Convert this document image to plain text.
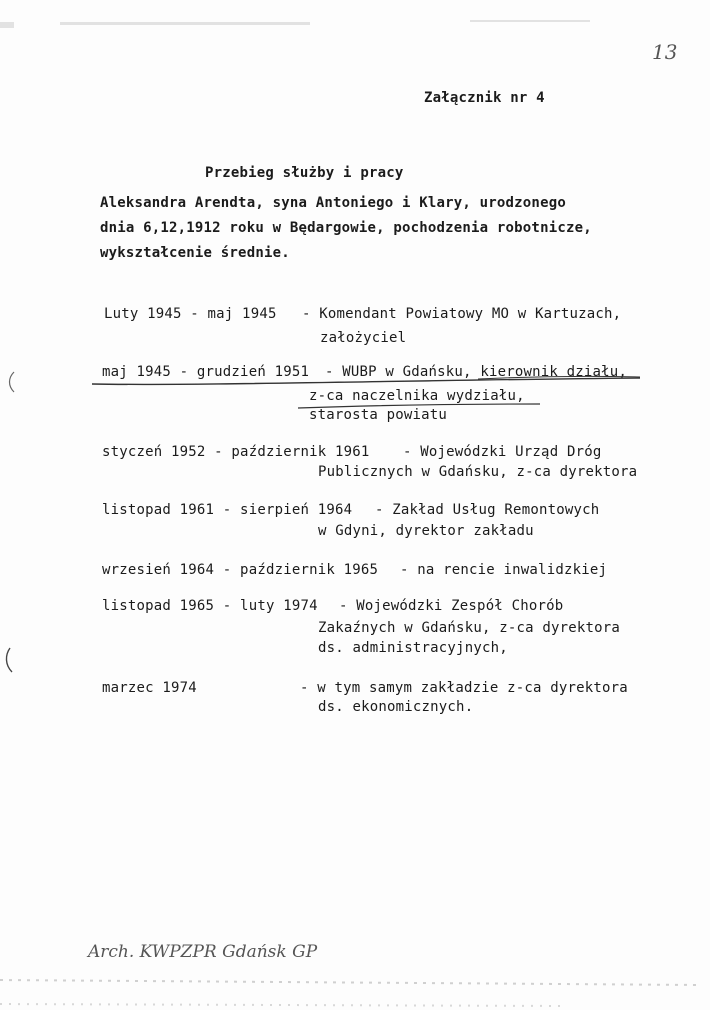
13
Załącznik nr 4
Przebieg służby i pracy
Aleksandra Arendta, syna Antoniego i Klary, urodzonego
dnia 6,12,1912 roku w Będargowie, pochodzenia robotnicze,
wykształcenie średnie.
Luty 1945 - maj 1945 - Komendant Powiatowy MO w Kartuzach,
założyciel
maj 1945 - grudzień 1951 - WUBP w Gdańsku, kierownik działu,
z-ca naczelnika wydziału,
starosta powiatu
styczeń 1952 - październik 1961 - Wojewódzki Urząd Dróg
Publicznych w Gdańsku, z-ca dyrektora
listopad 1961 - sierpień 1964 - Zakład Usług Remontowych
w Gdyni, dyrektor zakładu
wrzesień 1964 - październik 1965 - na rencie inwalidzkiej
listopad 1965 - luty 1974 - Wojewódzki Zespół Chorób
Zakaźnych w Gdańsku, z-ca dyrektora
ds. administracyjnych,
marzec 1974	- w tym samym zakładzie z-ca dyrektora
ds. ekonomicznych.
Arch. KWPZPR Gdańsk GP
